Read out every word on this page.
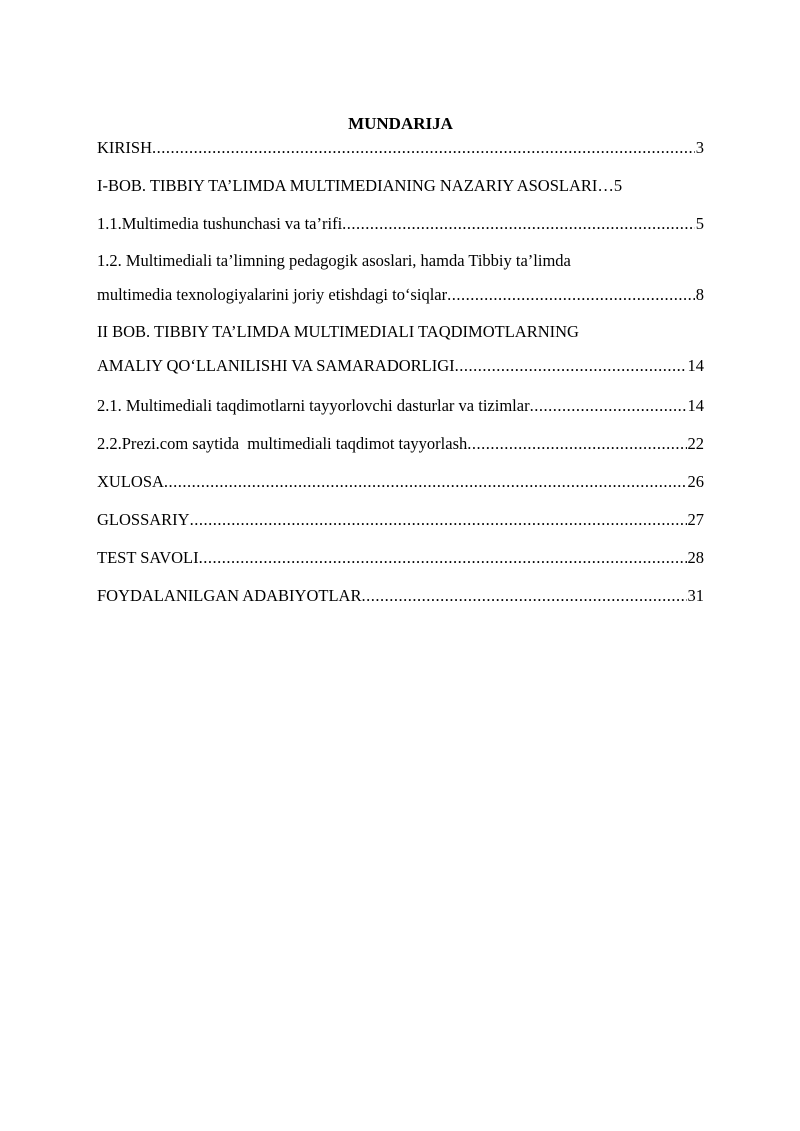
MUNDARIJA
KIRISH .....	3
I-BOB. TIBBIY TA’LIMDA MULTIMEDIANING NAZARIY ASOSLARI… 5
1.1.Multimedia tushunchasi va ta’rifi .....	5
1.2. Multimediali ta’limning pedagogik asoslari, hamda Tibbiy ta’limda
multimedia texnologiyalarini joriy etishdagi to‘siqlar .....	8
II BOB. TIBBIY TA’LIMDA MULTIMEDIALI TAQDIMOTLARNING
AMALIY QO‘LLANILISHI VA SAMARADORLIGI .....	14
2.1. Multimediali taqdimotlarni tayyorlovchi dasturlar va tizimlar .....	14
2.2.Prezi.com saytida  multimediali taqdimot tayyorlash .....	22
XULOSA .....	26
GLOSSARIY .....	27
TEST SAVOLI .....	28
FOYDALANILGAN ADABIYOTLAR .....	31
